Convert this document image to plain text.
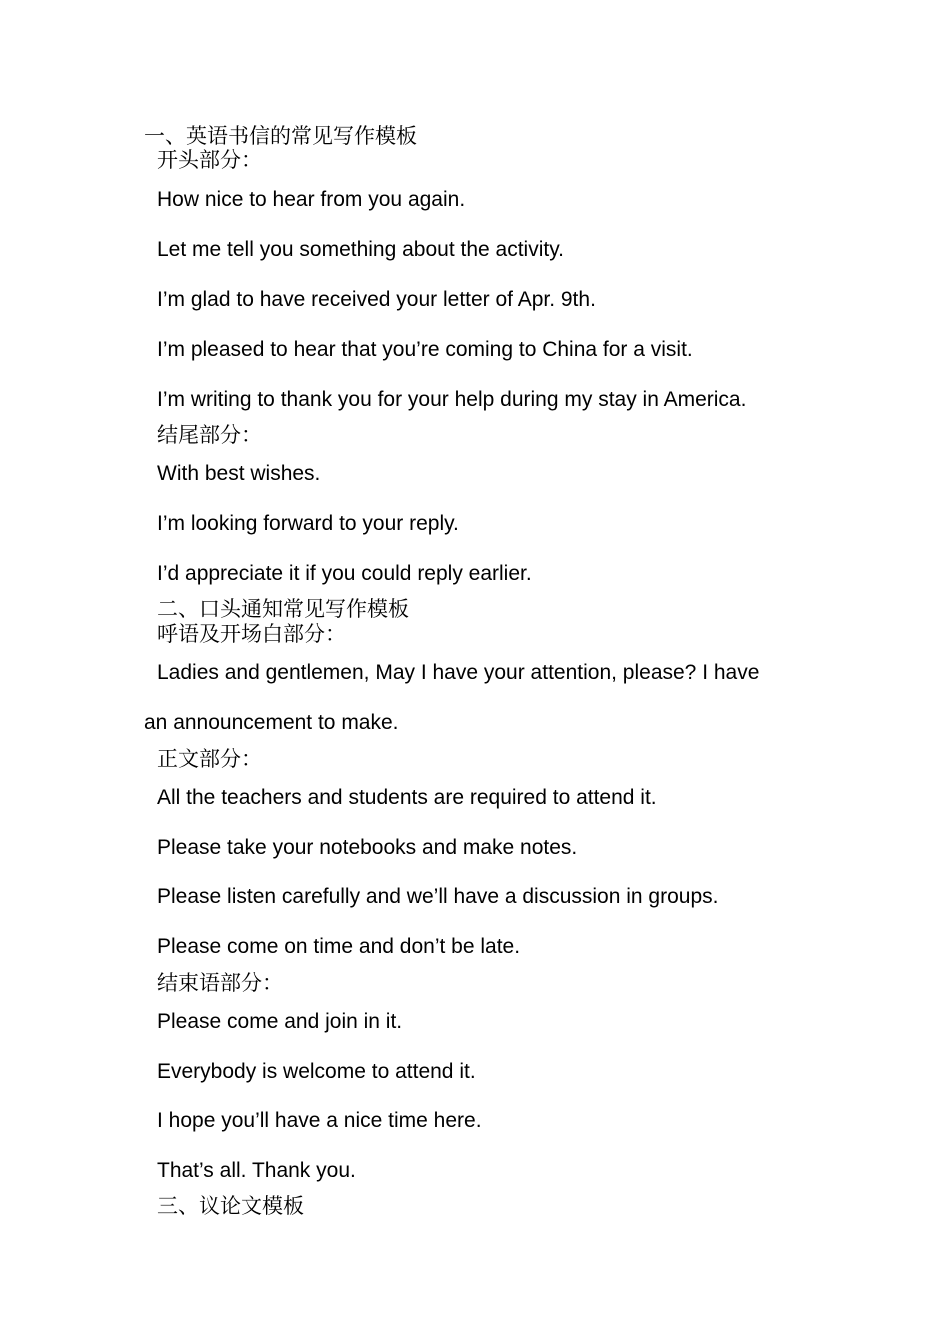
一、英语书信的常见写作模板
开头部分：
How nice to hear from you again.
Let me tell you something about the activity.
I’m glad to have received your letter of Apr. 9th.
I’m pleased to hear that you’re coming to China for a visit.
I’m writing to thank you for your help during my stay in America.
结尾部分：
With best wishes.
I’m looking forward to your reply.
I’d appreciate it if you could reply earlier.
二、口头通知常见写作模板
呼语及开场白部分：
Ladies and gentlemen, May I have your attention, please? I have
an announcement to make.
正文部分：
All the teachers and students are required to attend it.
Please take your notebooks and make notes.
Please listen carefully and we’ll have a discussion in groups.
Please come on time and don’t be late.
结束语部分：
Please come and join in it.
Everybody is welcome to attend it.
I hope you’ll have a nice time here.
That’s all. Thank you.
三、议论文模板
